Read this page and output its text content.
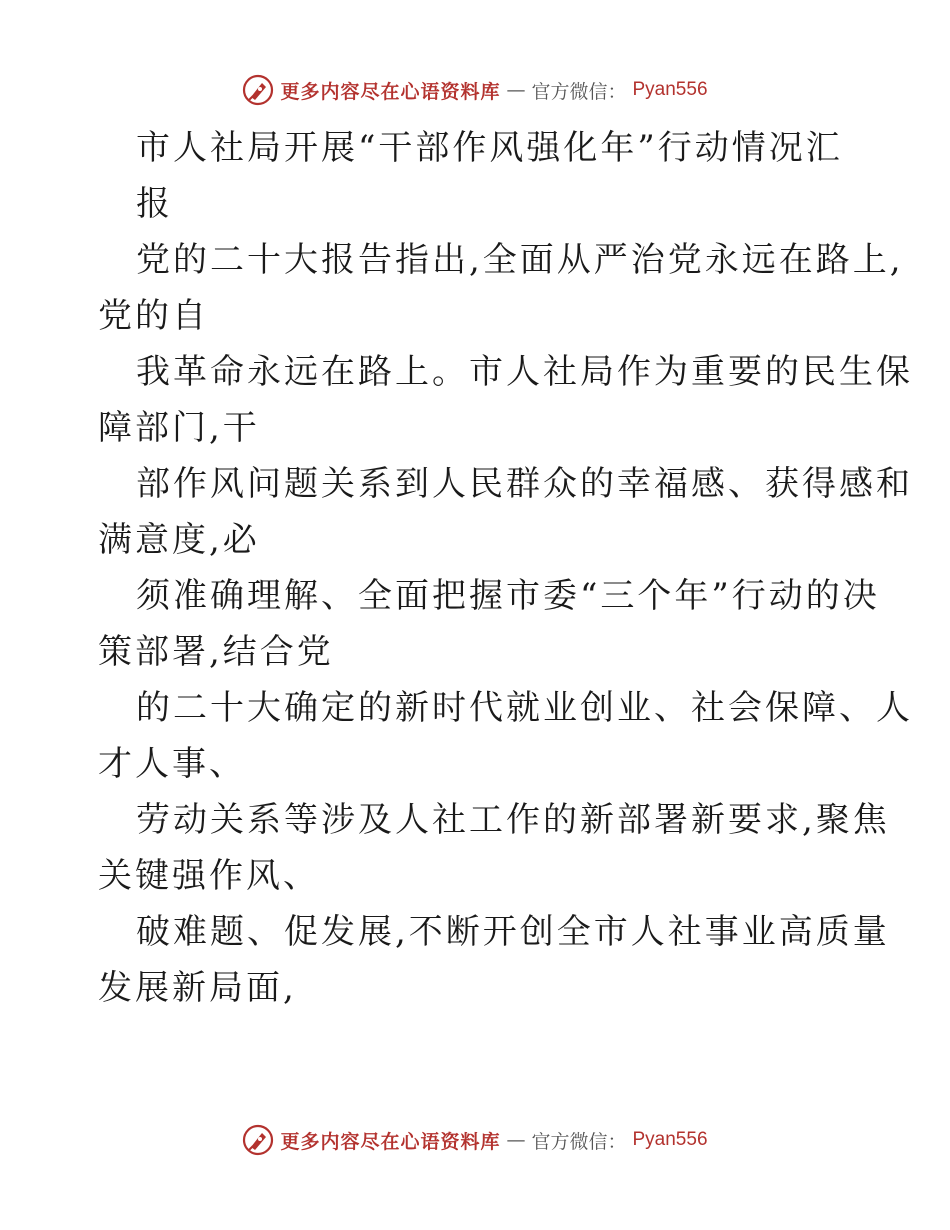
更多内容尽在心语资料库 — 官方微信： Pyan556
市人社局开展“干部作风强化年”行动情况汇
报
党的二十大报告指出,全面从严治党永远在路上,
党的自
我革命永远在路上。市人社局作为重要的民生保
障部门,干
部作风问题关系到人民群众的幸福感、获得感和
满意度,必
须准确理解、全面把握市委“三个年”行动的决
策部署,结合党
的二十大确定的新时代就业创业、社会保障、人
才人事、
劳动关系等涉及人社工作的新部署新要求,聚焦
关键强作风、
破难题、促发展,不断开创全市人社事业高质量
发展新局面,
更多内容尽在心语资料库 — 官方微信： Pyan556
